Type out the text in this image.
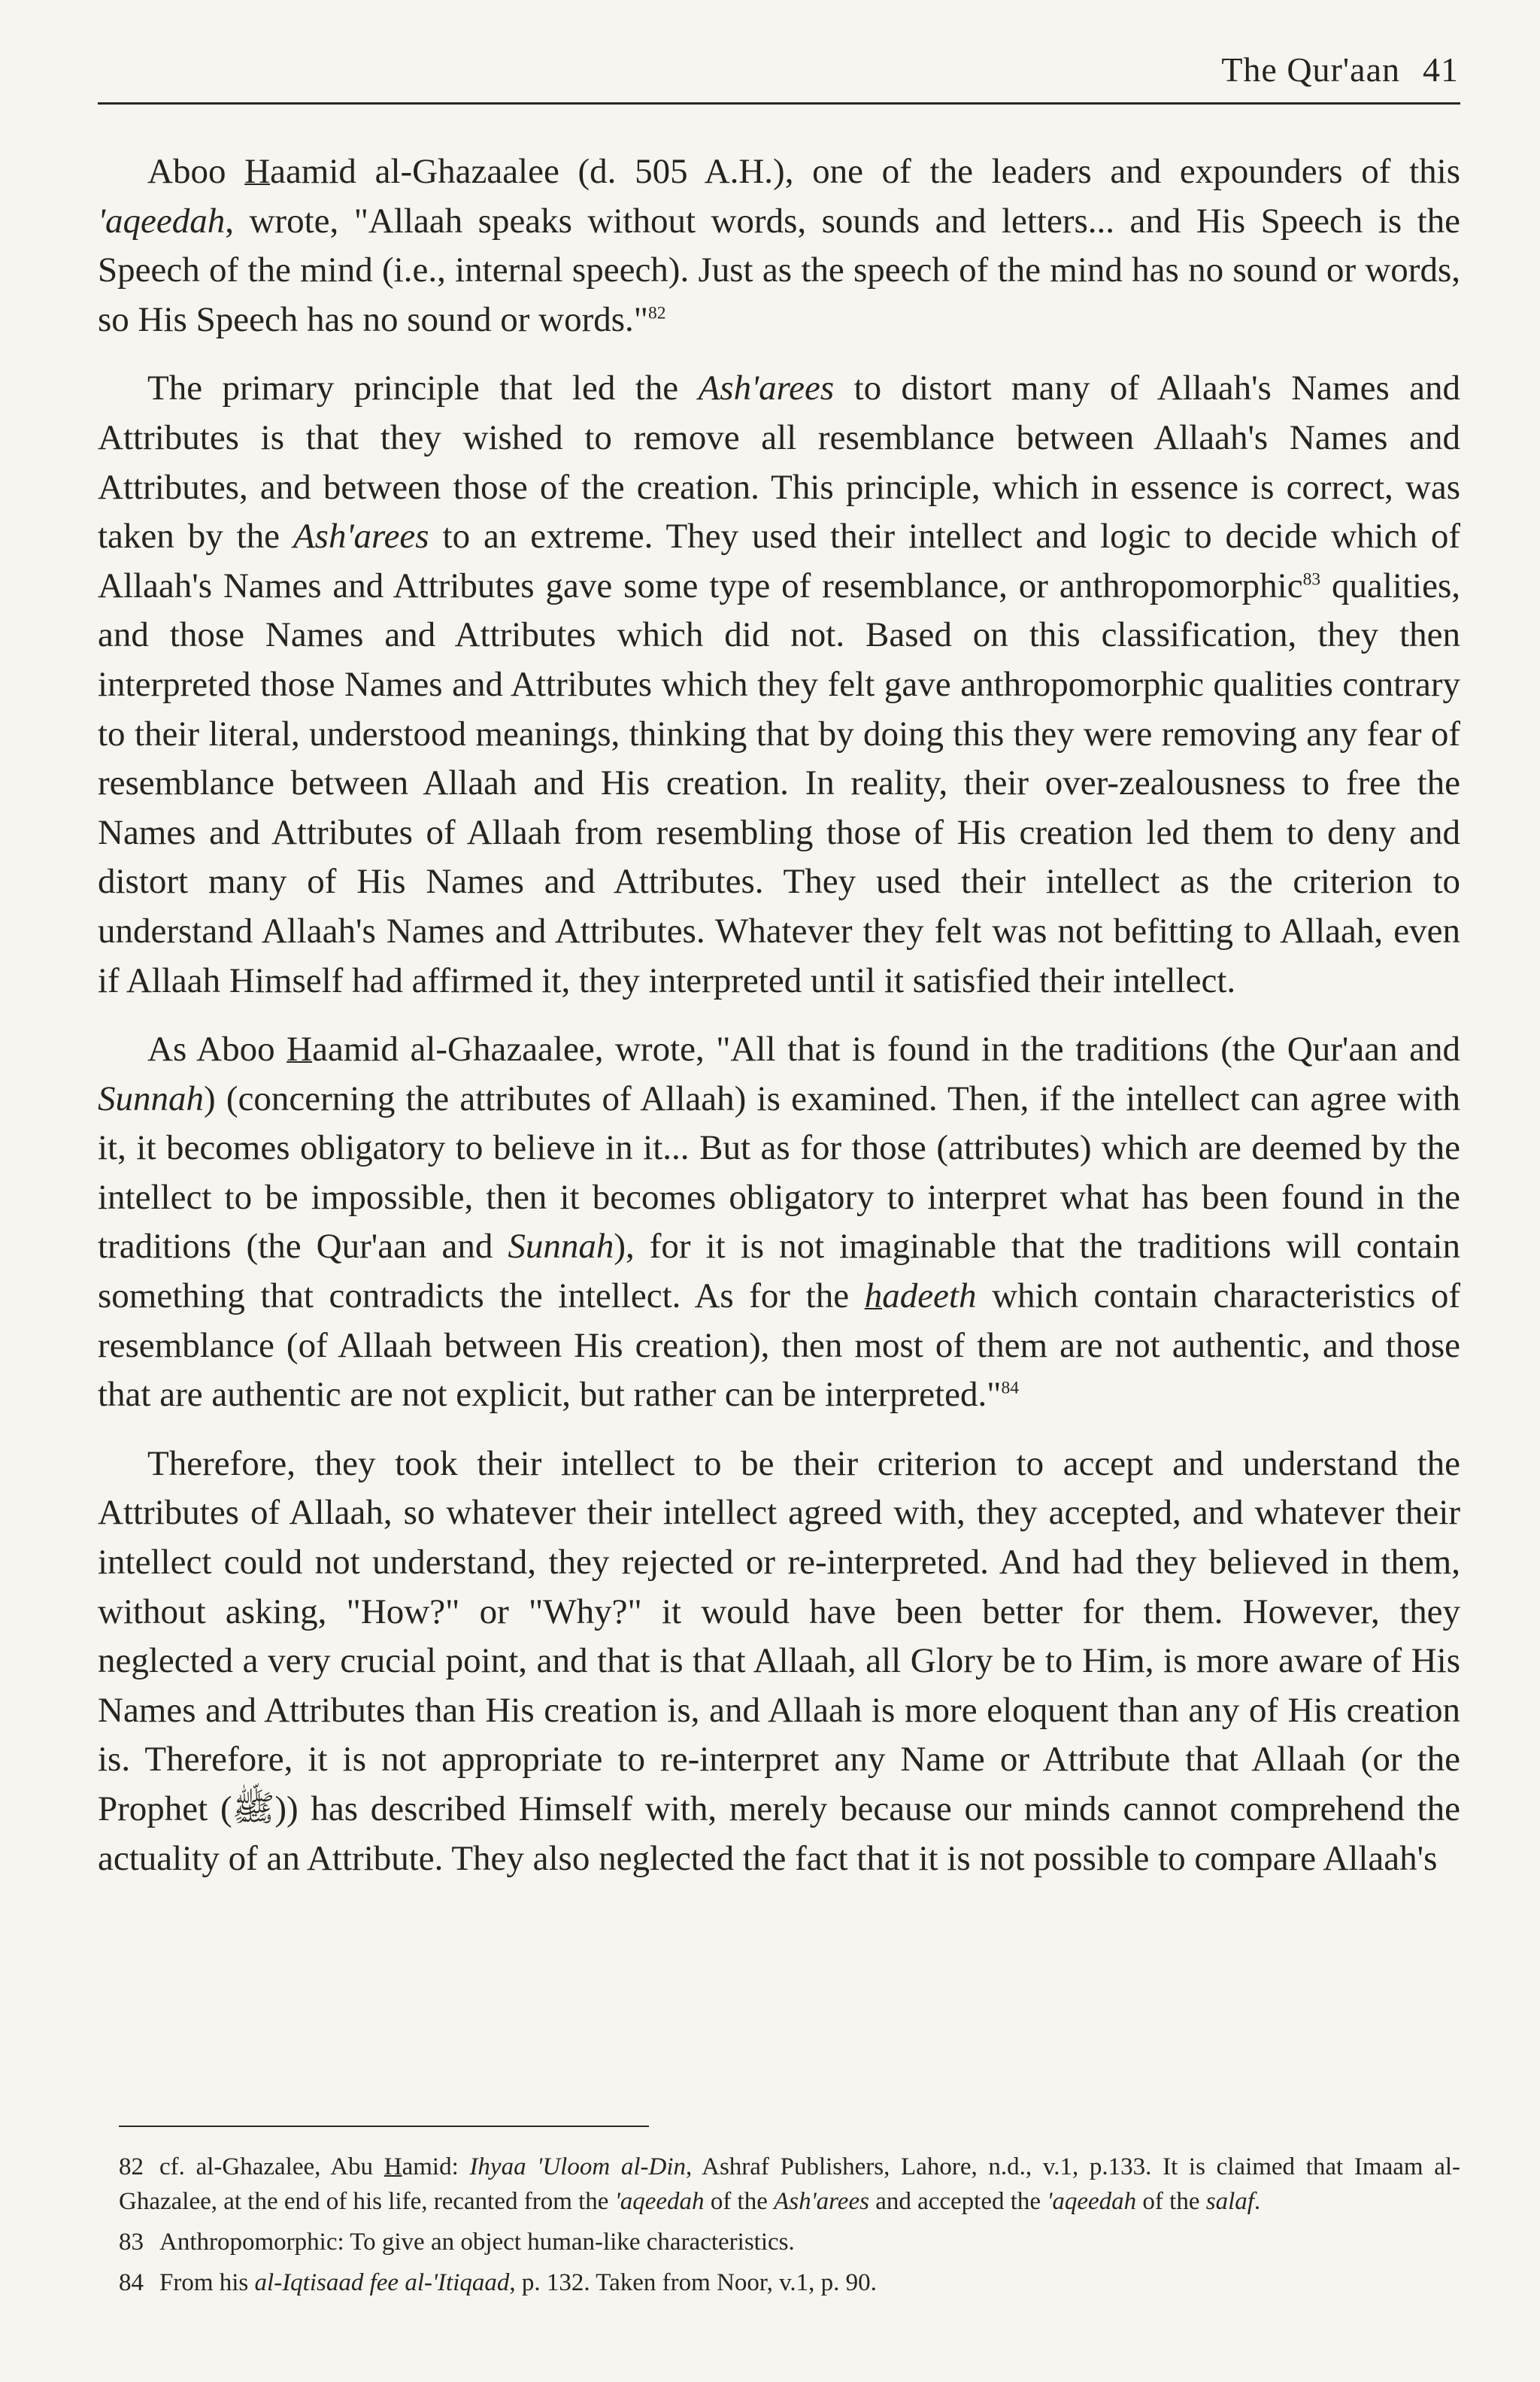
The Qur'aan 41

Aboo Haamid al-Ghazaalee (d. 505 A.H.), one of the leaders and expounders of this 'aqeedah, wrote, "Allaah speaks without words, sounds and letters... and His Speech is the Speech of the mind (i.e., internal speech). Just as the speech of the mind has no sound or words, so His Speech has no sound or words."$^{82}$

The primary principle that led the Ash'arees to distort many of Allaah's Names and Attributes is that they wished to remove all resemblance between Allaah's Names and Attributes, and between those of the creation. This principle, which in essence is correct, was taken by the Ash'arees to an extreme. They used their intellect and logic to decide which of Allaah's Names and Attributes gave some type of resemblance, or anthropomorphic$^{83}$ qualities, and those Names and Attributes which did not. Based on this classification, they then interpreted those Names and Attributes which they felt gave anthropomorphic qualities contrary to their literal, understood meanings, thinking that by doing this they were removing any fear of resemblance between Allaah and His creation. In reality, their over-zealousness to free the Names and Attributes of Allaah from resembling those of His creation led them to deny and distort many of His Names and Attributes. They used their intellect as the criterion to understand Allaah's Names and Attributes. Whatever they felt was not befitting to Allaah, even if Allaah Himself had affirmed it, they interpreted until it satisfied their intellect.

As Aboo Haamid al-Ghazaalee, wrote, "All that is found in the traditions (the Qur'aan and Sunnah) (concerning the attributes of Allaah) is examined. Then, if the intellect can agree with it, it becomes obligatory to believe in it... But as for those (attributes) which are deemed by the intellect to be impossible, then it becomes obligatory to interpret what has been found in the traditions (the Qur'aan and Sunnah), for it is not imaginable that the traditions will contain something that contradicts the intellect. As for the hadeeth which contain characteristics of resemblance (of Allaah between His creation), then most of them are not authentic, and those that are authentic are not explicit, but rather can be interpreted."$^{84}$

Therefore, they took their intellect to be their criterion to accept and understand the Attributes of Allaah, so whatever their intellect agreed with, they accepted, and whatever their intellect could not understand, they rejected or re-interpreted. And had they believed in them, without asking, "How?" or "Why?" it would have been better for them. However, they neglected a very crucial point, and that is that Allaah, all Glory be to Him, is more aware of His Names and Attributes than His creation is, and Allaah is more eloquent than any of His creation is. Therefore, it is not appropriate to re-interpret any Name or Attribute that Allaah (or the Prophet (ﷺ)) has described Himself with, merely because our minds cannot comprehend the actuality of an Attribute. They also neglected the fact that it is not possible to compare Allaah's

82 cf. al-Ghazalee, Abu Hamid: Ihyaa 'Uloom al-Din, Ashraf Publishers, Lahore, n.d., v.1, p.133. It is claimed that Imaam al-Ghazalee, at the end of his life, recanted from the 'aqeedah of the Ash'arees and accepted the 'aqeedah of the salaf.
83 Anthropomorphic: To give an object human-like characteristics.
84 From his al-Iqtisaad fee al-'Itiqaad, p. 132. Taken from Noor, v.1, p. 90.
